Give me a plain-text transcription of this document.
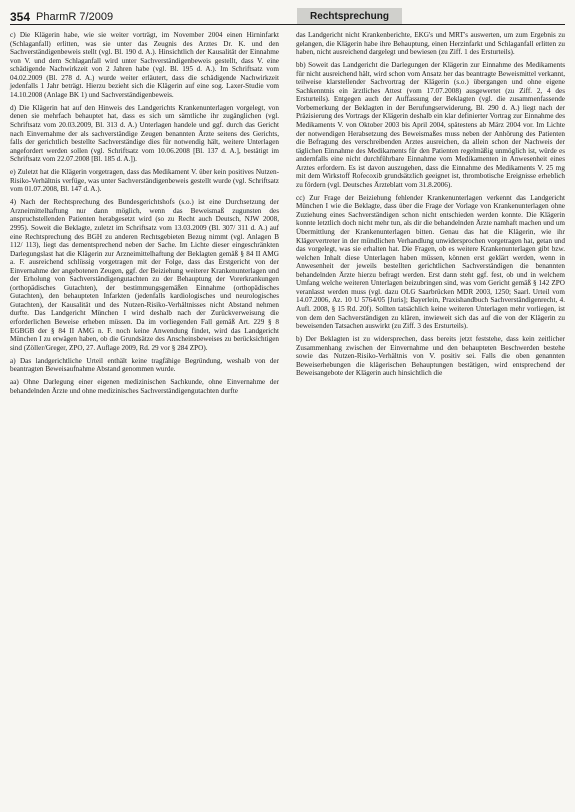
354 PharmR 7/2009	Rechtsprechung

c) Die Klägerin habe, wie sie weiter vorträgt, im November 2004 einen Hirninfarkt (Schlaganfall) erlitten, was sie unter das Zeugnis des Arztes Dr. K. und den Sachverständigenbeweis stellt (vgl. Bl. 190 d. A.). Hinsichtlich der Kausalität der Einnahme von V. und dem Schlaganfall wird unter Sachverständigenbeweis gestellt, dass V. eine schädigende Nachwirkzeit von 2 Jahren habe (vgl. Bl. 195 d. A.). Im Schriftsatz vom 04.02.2009 (Bl. 278 d. A.) wurde weiter erläutert, dass die schädigende Nachwirkzeit jedenfalls 1 Jahr beträgt. Hierzu bezieht sich die Klägerin auf eine sog. Laxer-Studie vom 14.10.2008 (Anlage BK 1) und Sachverständigenbeweis.

d) Die Klägerin hat auf den Hinweis des Landgerichts Krankenunterlagen vorgelegt, von denen sie mehrfach behauptet hat, dass es sich um sämtliche ihr zugänglichen (vgl. Schriftsatz vom 20.03.2009, Bl. 313 d. A.) Unterlagen handele und ggf. durch das Gericht nach Einvernahme der als sachverständige Zeugen benannten Ärzte seitens des Gerichts, falls der gerichtlich bestellte Sachverständige dies für notwendig hält, weitere Unterlagen angefordert werden sollen (vgl. Schriftsatz vom 10.06.2008 [Bl. 137 d. A.], bestätigt im Schriftsatz vom 22.07.2008 [Bl. 185 d. A.]).

e) Zuletzt hat die Klägerin vorgetragen, dass das Medikament V. über kein positives Nutzen-Risiko-Verhältnis verfüge, was unter Sachverständigenbeweis gestellt wurde (vgl. Schriftsatz vom 01.07.2008, Bl. 147 d. A.).

4) Nach der Rechtsprechung des Bundesgerichtshofs (s.o.) ist eine Durchsetzung der Arzneimittelhaftung nur dann möglich, wenn das Beweismaß zugunsten des anspruchstellenden Patienten herabgesetzt wird (so zu Recht auch Deutsch, NJW 2008, 2995). Soweit die Beklagte, zuletzt im Schriftsatz vom 13.03.2009 (Bl. 307/ 311 d. A.) auf eine Rechtsprechung des BGH zu anderen Rechtsgebieten Bezug nimmt (vgl. Anlagen B 112/ 113), liegt das dementsprechend neben der Sache. Im Lichte dieser eingeschränkten Darlegungslast hat die Klägerin zur Arzneimittelhaftung der Beklagten gemäß § 84 II AMG a. F. ausreichend schlüssig vorgetragen mit der Folge, dass das Erstgericht von der Einvernahme der angebotenen Zeugen, ggf. der Beiziehung weiterer Krankenunterlagen und der Erholung von Sachverständigengutachten zu der Behauptung der Vorerkrankungen (orthopädisches Gutachten), der bestimmungsgemäßen Einnahme (orthopädisches Gutachten), den behaupteten Infarkten (jedenfalls kardiologisches und neurologisches Gutachten), der Kausalität und des Nutzen-Risiko-Verhältnisses nicht Abstand nehmen durfte. Das Landgericht München I wird deshalb nach der Zurückverweisung die erforderlichen Beweise erheben müssen. Da im vorliegenden Fall gemäß Art. 229 § 8 EGBGB der § 84 II AMG n. F. noch keine Anwendung findet, wird das Landgericht München I zu erwägen haben, ob die Grundsätze des Anscheinsbeweises zu berücksichtigen sind (Zöller/Greger, ZPO, 27. Auflage 2009, Rd. 29 vor § 284 ZPO).

a) Das landgerichtliche Urteil enthält keine tragfähige Begründung, weshalb von der beantragten Beweisaufnahme Abstand genommen wurde.

aa) Ohne Darlegung einer eigenen medizinischen Sachkunde, ohne Einvernahme der behandelnden Ärzte und ohne medizinisches Sachverständigengutachten durfte

das Landgericht nicht Krankenberichte, EKG's und MRT's auswerten, um zum Ergebnis zu gelangen, die Klägerin habe ihre Behauptung, einen Herzinfarkt und Schlaganfall erlitten zu haben, nicht ausreichend dargelegt und bewiesen (zu Ziff. 1 des Ersturteils).

bb) Soweit das Landgericht die Darlegungen der Klägerin zur Einnahme des Medikaments für nicht ausreichend hält, wird schon vom Ansatz her das beantragte Beweismittel verkannt, teilweise klarstellender Sachvortrag der Klägerin (s.o.) übergangen und ohne eigene Sachkenntnis ein ärztliches Attest (vom 17.07.2008) ausgewertet (zu Ziff. 2, 4 des Ersturteils). Entgegen auch der Auffassung der Beklagten (vgl. die zusammenfassende Vorbemerkung der Beklagten in der Berufungserwiderung, Bl. 290 d. A.) liegt nach der Präzisierung des Vortrags der Klägerin deshalb ein klar definierter Vortrag zur Einnahme des Medikaments V. von Oktober 2003 bis April 2004, spätestens ab März 2004 vor. Im Lichte der notwendigen Herabsetzung des Beweismaßes muss neben der Anhörung des Patienten die Befragung des verschreibenden Arztes ausreichen, da allein schon der Nachweis der täglichen Einnahme des Medikaments für den Patienten regelmäßig unmöglich ist, würde es andernfalls eine nicht durchführbare Einnahme vom Medikamenten in Anwesenheit eines Arztes erfordern. Es ist davon auszugehen, dass die Einnahme des Medikaments V. 25 mg mit dem Wirkstoff Rofecoxib grundsätzlich geeignet ist, thrombotische Ereignisse erheblich zu fördern (vgl. Deutsches Ärzteblatt vom 31.8.2006).

cc) Zur Frage der Beiziehung fehlender Krankenunterlagen verkennt das Landgericht München I wie die Beklagte, dass über die Frage der Vorlage von Krankenunterlagen ohne Zuziehung eines Sachverständigen schon nicht entschieden werden konnte. Die Klägerin konnte letztlich doch nicht mehr tun, als dir die behandelnden Ärzte namhaft machen und um Übermittlung der Krankenunterlagen bitten. Genau das hat die Klägerin, wie ihr Klägervertreter in der mündlichen Verhandlung unwidersprochen vorgetragen hat, getan und das vorgelegt, was sie erhalten hat. Die Fragen, ob es weitere Krankenunterlagen gibt bzw. welchen Inhalt diese Unterlagen haben müssen, können erst geklärt werden, wenn in Anwesenheit der jeweils bestellten gerichtlichen Sachverständigen die benannten behandelnden Ärzte hierzu befragt werden. Erst dann steht ggf. fest, ob und in welchem Umfang welche weiteren Unterlagen beizubringen sind, was vom Gericht gemäß § 142 ZPO veranlasst werden muss (vgl. dazu OLG Saarbrücken MDR 2003, 1250; Saarl. Urteil vom 14.07.2006, Az. 10 U 5764/05 [Juris]; Bayerlein, Praxishandbuch Sachverständigenrecht, 4. Aufl. 2008, § 15 Rd. 20f). Sollten tatsächlich keine weiteren Unterlagen mehr vorliegen, ist von dem den Sachverständigen zu klären, inwieweit sich das auf die von der Klägerin zu beweisenden Tatsachen auswirkt (zu Ziff. 3 des Ersturteils).

b) Der Beklagten ist zu widersprechen, dass bereits jetzt feststehe, dass kein zeitlicher Zusammenhang zwischen der Einvernahme und den behaupteten Beschwerden bestehe sowie das Nutzen-Risiko-Verhältnis von V. positiv sei. Falls die oben genannten Beweiserhebungen die klägerischen Behauptungen bestätigen, wird entsprechend der Beweisangebote der Klägerin auch hinsichtlich die
